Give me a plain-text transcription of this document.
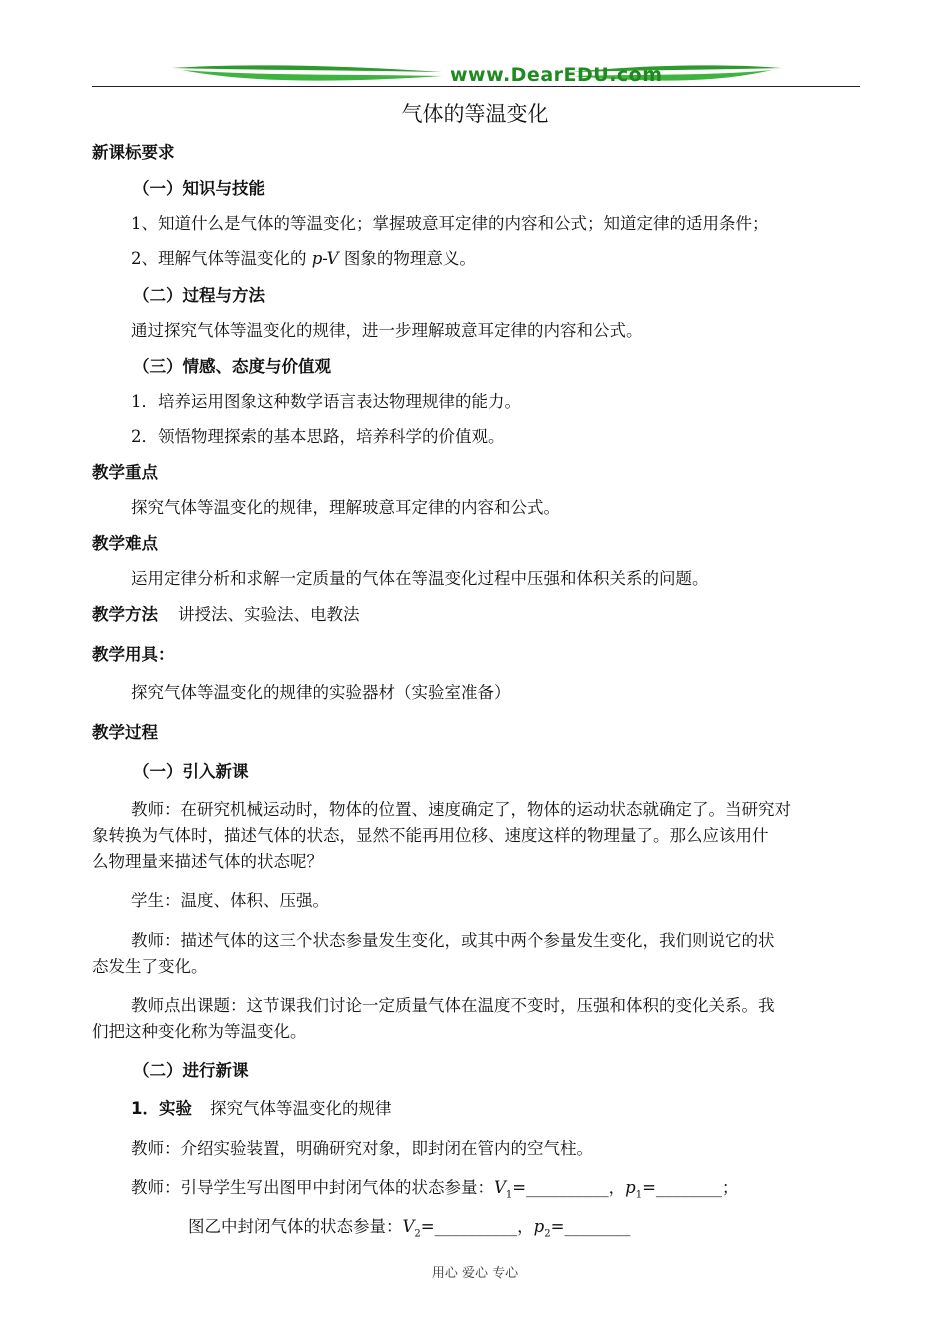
www.DearEDU.com
气体的等温变化
新课标要求
（一）知识与技能
1、知道什么是气体的等温变化；掌握玻意耳定律的内容和公式；知道定律的适用条件；
2、理解气体等温变化的 p-V 图象的物理意义。
（二）过程与方法
通过探究气体等温变化的规律，进一步理解玻意耳定律的内容和公式。
（三）情感、态度与价值观
1．培养运用图象这种数学语言表达物理规律的能力。
2．领悟物理探索的基本思路，培养科学的价值观。
教学重点
探究气体等温变化的规律，理解玻意耳定律的内容和公式。
教学难点
运用定律分析和求解一定质量的气体在等温变化过程中压强和体积关系的问题。
教学方法 讲授法、实验法、电教法
教学用具：
探究气体等温变化的规律的实验器材（实验室准备）
教学过程
（一）引入新课
教师：在研究机械运动时，物体的位置、速度确定了，物体的运动状态就确定了。当研究对
象转换为气体时，描述气体的状态，显然不能再用位移、速度这样的物理量了。那么应该用什
么物理量来描述气体的状态呢？
学生：温度、体积、压强。
教师：描述气体的这三个状态参量发生变化，或其中两个参量发生变化，我们则说它的状
态发生了变化。
教师点出课题：这节课我们讨论一定质量气体在温度不变时，压强和体积的变化关系。我
们把这种变化称为等温变化。
（二）进行新课
1．实验 探究气体等温变化的规律
教师：介绍实验装置，明确研究对象，即封闭在管内的空气柱。
教师：引导学生写出图甲中封闭气体的状态参量：$V_1=\_\_\_\_\_\_\_\_\_\_$，$p_1=\_\_\_\_\_\_\_\_$；
图乙中封闭气体的状态参量：$V_2=\_\_\_\_\_\_\_\_\_\_$，$p_2=\_\_\_\_\_\_\_\_$
用心 爱心 专心
